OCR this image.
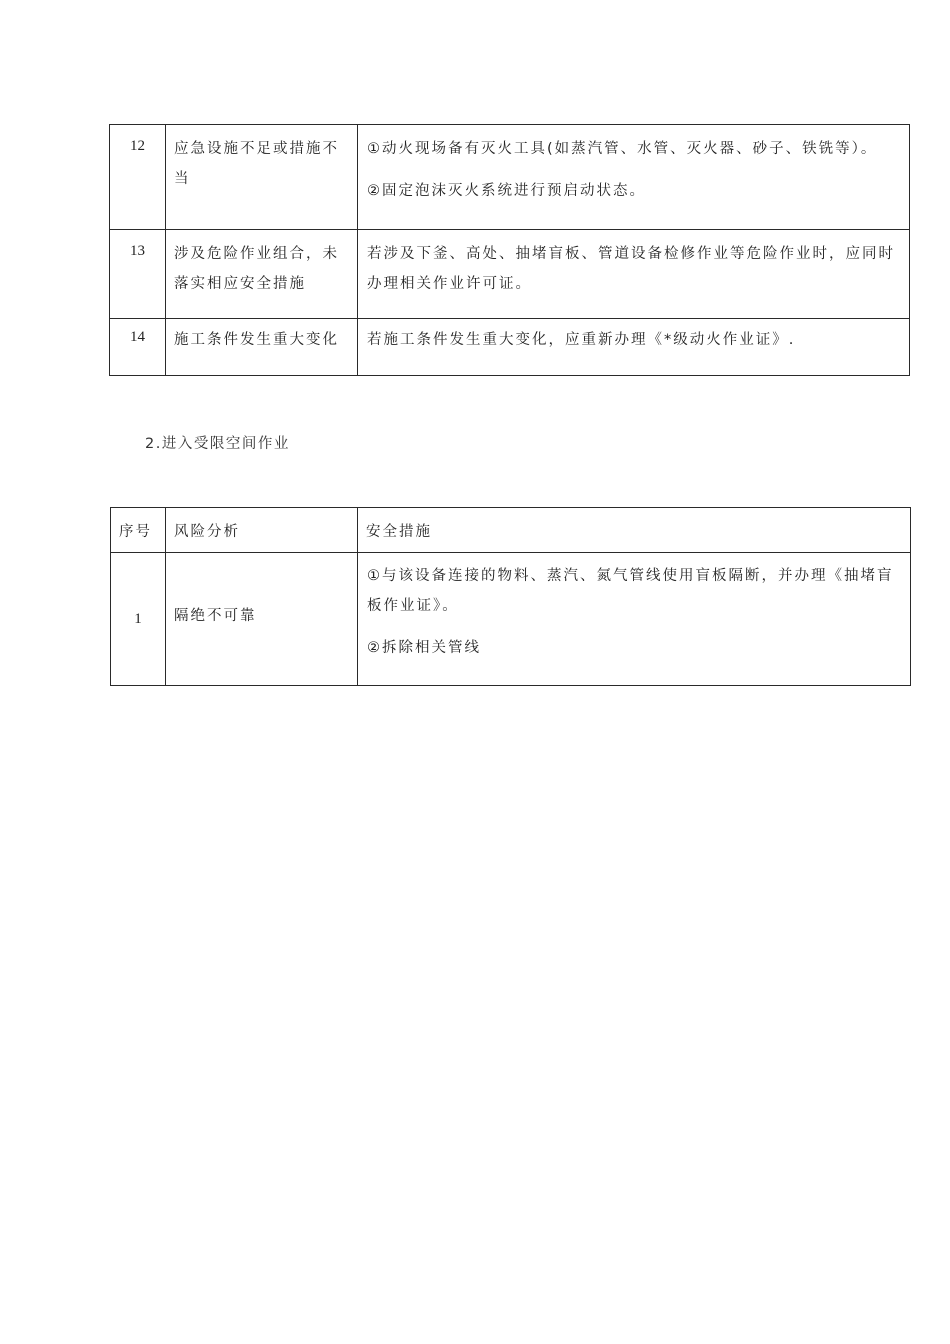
12	应急设施不足或措施不当	①动火现场备有灭火工具(如蒸汽管、水管、灭火器、砂子、铁铣等）。
②固定泡沫灭火系统进行预启动状态。

13	涉及危险作业组合，未落实相应安全措施	若涉及下釜、高处、抽堵盲板、管道设备检修作业等危险作业时，应同时办理相关作业许可证。

14	施工条件发生重大变化	若施工条件发生重大变化，应重新办理《*级动火作业证》.
2.进入受限空间作业
序号	风险分析	安全措施
1	隔绝不可靠	①与该设备连接的物料、蒸汽、氮气管线使用盲板隔断，并办理《抽堵盲板作业证》。
②拆除相关管线
